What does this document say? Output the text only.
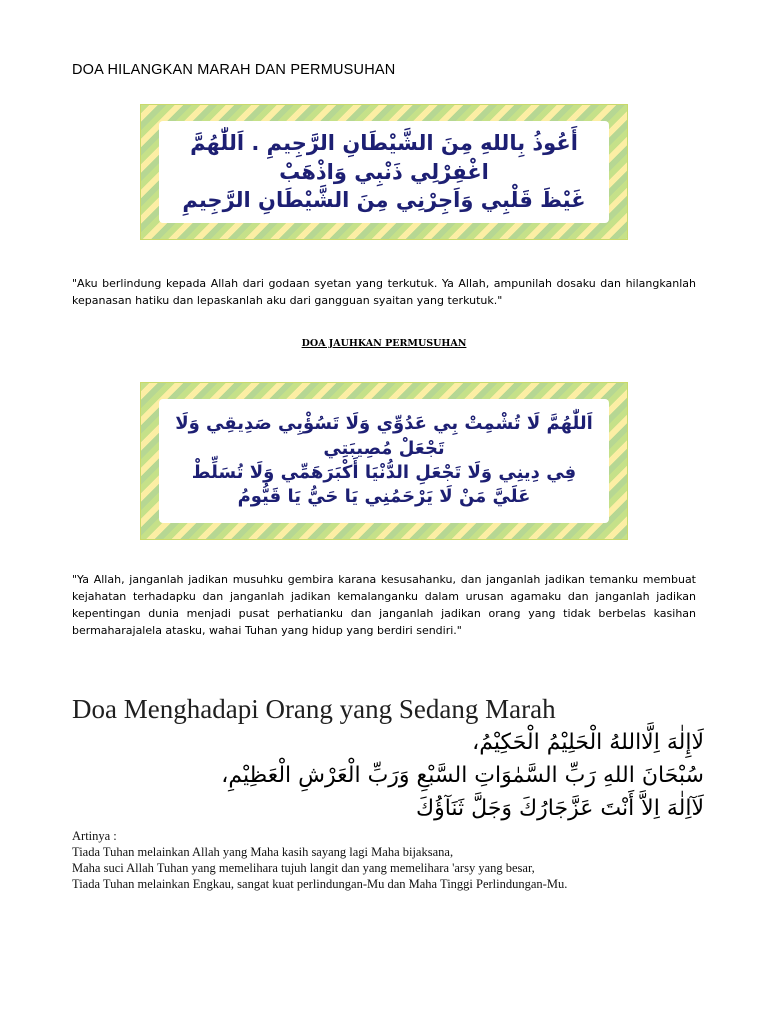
DOA HILANGKAN MARAH DAN PERMUSUHAN
أَعُوذُ بِاللهِ مِنَ الشَّيْطَانِ الرَّجِيمِ . اَللّٰهُمَّ اغْفِرْلِي ذَنْبِي وَاذْهَبْ
غَيْظَ قَلْبِي وَاَجِرْنِي مِنَ الشَّيْطَانِ الرَّجِيمِ
"Aku berlindung kepada Allah dari godaan syetan yang terkutuk. Ya Allah, ampunilah dosaku dan hilangkanlah kepanasan hatiku dan lepaskanlah aku dari gangguan syaitan yang terkutuk."
DOA JAUHKAN PERMUSUHAN
اَللّٰهُمَّ لَا تُشْمِتْ بِي عَدُوِّي وَلَا تَسُؤْبِي صَدِيقِي وَلَا تَجْعَلْ مُصِيبَتِي
فِي دِينِي وَلَا تَجْعَلِ الدُّنْيَا أَكْبَرَهَمِّي وَلَا تُسَلِّطْ
عَلَيَّ مَنْ لَا يَرْحَمُنِي يَا حَيُّ يَا قَيُّومُ
"Ya Allah, janganlah jadikan musuhku gembira karana kesusahanku, dan janganlah jadikan temanku membuat kejahatan terhadapku dan janganlah jadikan kemalanganku dalam urusan agamaku dan janganlah jadikan kepentingan dunia menjadi pusat perhatianku dan janganlah jadikan orang yang tidak berbelas kasihan bermaharajalela atasku, wahai Tuhan yang hidup yang berdiri sendiri."
Doa Menghadapi Orang yang Sedang Marah
لَاإِلٰهَ اِلَّااللهُ الْحَلِيْمُ الْحَكِيْمُ،
سُبْحَانَ اللهِ رَبِّ السَّمٰوَاتِ السَّبْعِ وَرَبِّ الْعَرْشِ الْعَظِيْمِ،
لَآاِلٰهَ اِلاَّ أَنْتَ عَزَّجَارُكَ وَجَلَّ ثَنَآؤُكَ
Artinya :
Tiada Tuhan melainkan Allah yang Maha kasih sayang lagi Maha bijaksana,
Maha suci Allah Tuhan yang memelihara tujuh langit dan yang memelihara 'arsy yang besar,
Tiada Tuhan melainkan Engkau, sangat kuat perlindungan-Mu dan Maha Tinggi Perlindungan-Mu.
